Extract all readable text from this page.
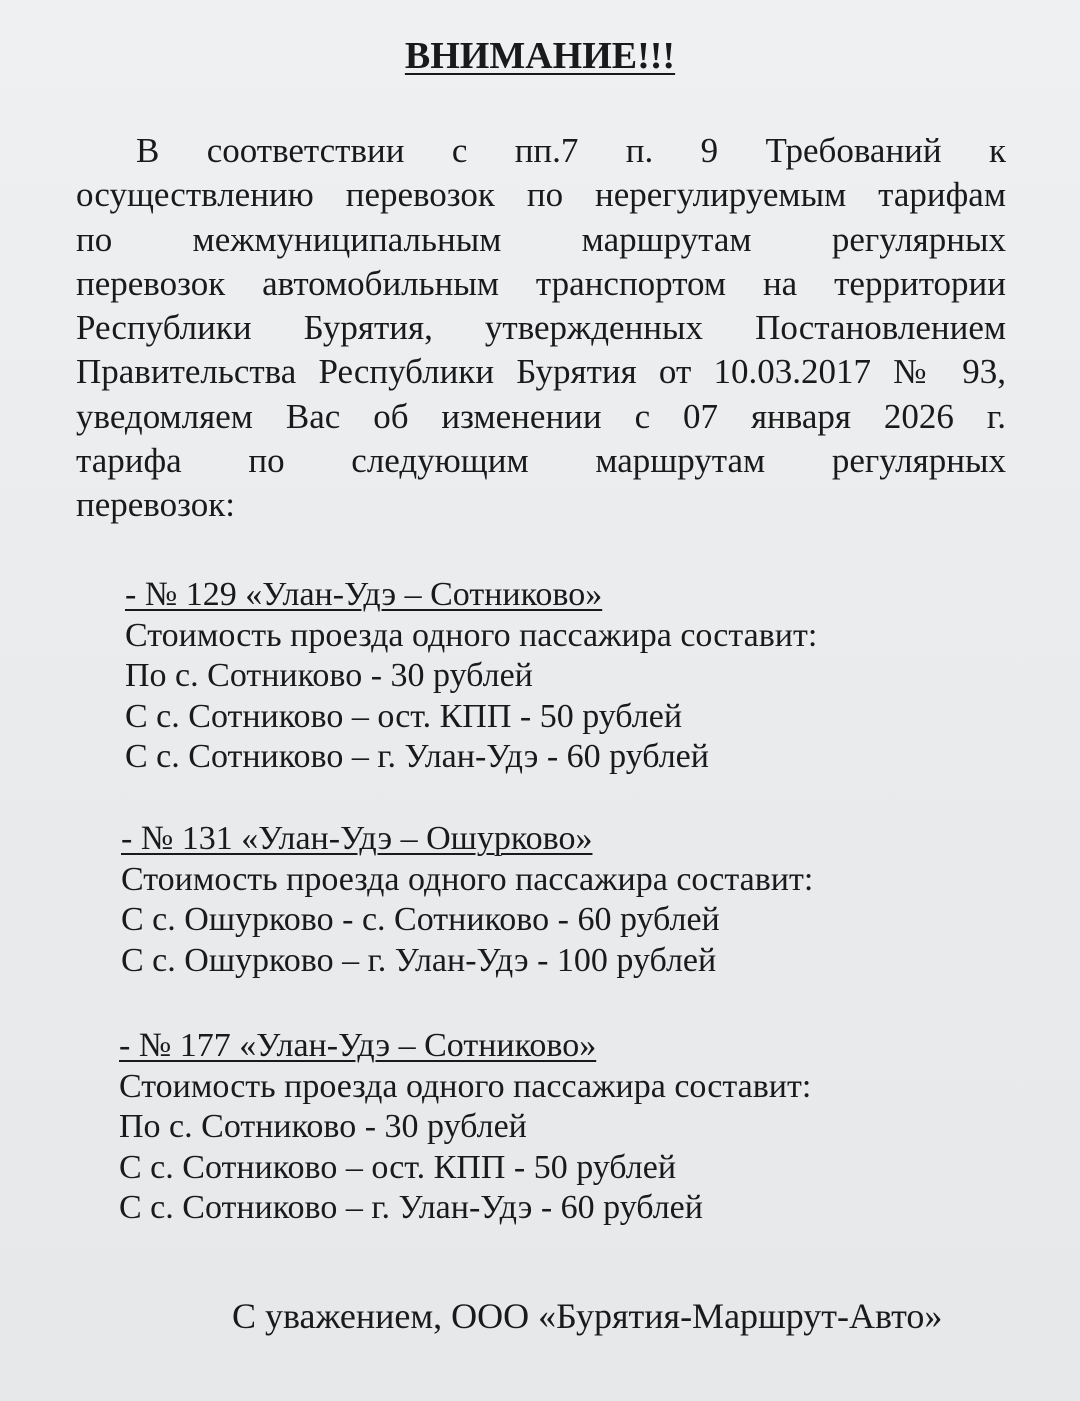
ВНИМАНИЕ!!!
В соответствии с пп.7 п. 9 Требований к
осуществлению перевозок по нерегулируемым тарифам
по межмуниципальным маршрутам регулярных
перевозок автомобильным транспортом на территории
Республики Бурятия, утвержденных Постановлением
Правительства Республики Бурятия от 10.03.2017 № 93,
уведомляем Вас об изменении с 07 января 2026 г.
тарифа по следующим маршрутам регулярных
перевозок:
- № 129 «Улан-Удэ – Сотниково»
Стоимость проезда одного пассажира составит:
По с. Сотниково - 30 рублей
С с. Сотниково – ост. КПП - 50 рублей
С с. Сотниково – г. Улан-Удэ - 60 рублей
- № 131 «Улан-Удэ – Ошурково»
Стоимость проезда одного пассажира составит:
С с. Ошурково - с. Сотниково - 60 рублей
С с. Ошурково – г. Улан-Удэ - 100 рублей
- № 177 «Улан-Удэ – Сотниково»
Стоимость проезда одного пассажира составит:
По с. Сотниково - 30 рублей
С с. Сотниково – ост. КПП - 50 рублей
С с. Сотниково – г. Улан-Удэ - 60 рублей
С уважением, ООО «Бурятия-Маршрут-Авто»
